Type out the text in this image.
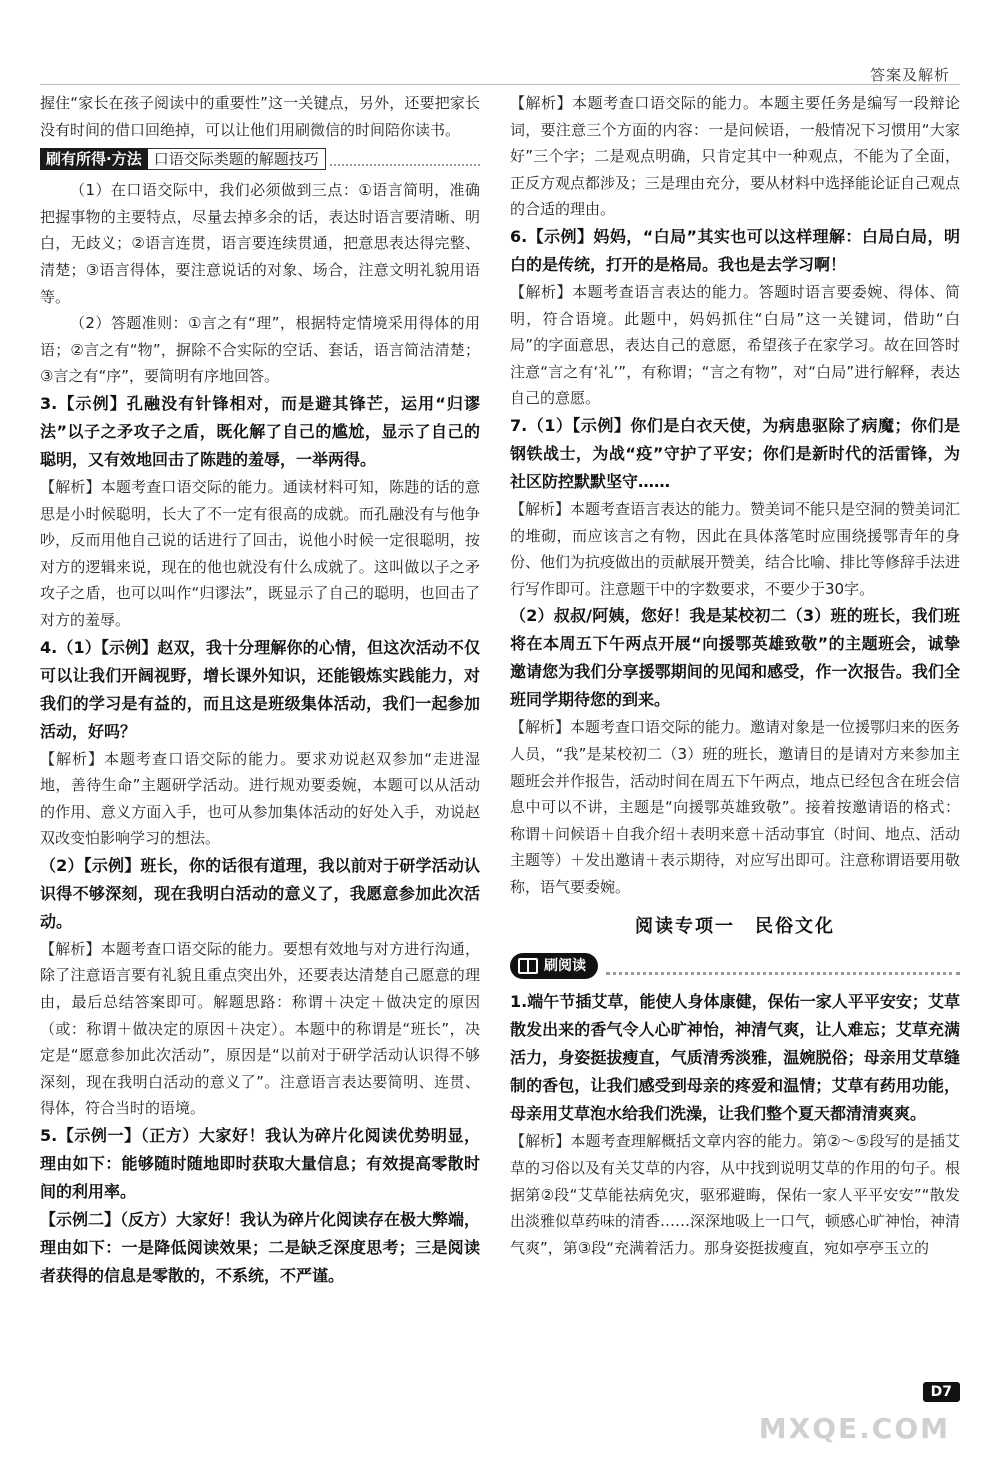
答案及解析

握住“家长在孩子阅读中的重要性”这一关键点，另外，还要把家长没有时间的借口回绝掉，可以让他们用刷微信的时间陪你读书。

刷有所得·方法 口语交际类题的解题技巧

（1）在口语交际中，我们必须做到三点：①语言简明，准确把握事物的主要特点，尽量去掉多余的话，表达时语言要清晰、明白，无歧义；②语言连贯，语言要连续贯通，把意思表达得完整、清楚；③语言得体，要注意说话的对象、场合，注意文明礼貌用语等。

（2）答题准则：①言之有“理”，根据特定情境采用得体的用语；②言之有“物”，摒除不合实际的空话、套话，语言简洁清楚；③言之有“序”，要简明有序地回答。

3.【示例】孔融没有针锋相对，而是避其锋芒，运用“归谬法”以子之矛攻子之盾，既化解了自己的尴尬，显示了自己的聪明，又有效地回击了陈韪的羞辱，一举两得。

【解析】本题考查口语交际的能力。通读材料可知，陈韪的话的意思是小时候聪明，长大了不一定有很高的成就。而孔融没有与他争吵，反而用他自己说的话进行了回击，说他小时候一定很聪明，按对方的逻辑来说，现在的他也就没有什么成就了。这叫做以子之矛攻子之盾，也可以叫作“归谬法”，既显示了自己的聪明，也回击了对方的羞辱。

4.（1）【示例】赵双，我十分理解你的心情，但这次活动不仅可以让我们开阔视野，增长课外知识，还能锻炼实践能力，对我们的学习是有益的，而且这是班级集体活动，我们一起参加活动，好吗？

【解析】本题考查口语交际的能力。要求劝说赵双参加“走进湿地，善待生命”主题研学活动。进行规劝要委婉，本题可以从活动的作用、意义方面入手，也可从参加集体活动的好处入手，劝说赵双改变怕影响学习的想法。

（2）【示例】班长，你的话很有道理，我以前对于研学活动认识得不够深刻，现在我明白活动的意义了，我愿意参加此次活动。

【解析】本题考查口语交际的能力。要想有效地与对方进行沟通，除了注意语言要有礼貌且重点突出外，还要表达清楚自己愿意的理由，最后总结答案即可。解题思路：称谓＋决定＋做决定的原因（或：称谓＋做决定的原因＋决定）。本题中的称谓是“班长”，决定是“愿意参加此次活动”，原因是“以前对于研学活动认识得不够深刻，现在我明白活动的意义了”。注意语言表达要简明、连贯、得体，符合当时的语境。

5.【示例一】（正方）大家好！我认为碎片化阅读优势明显，理由如下：能够随时随地即时获取大量信息；有效提高零散时间的利用率。

【示例二】（反方）大家好！我认为碎片化阅读存在极大弊端，理由如下：一是降低阅读效果；二是缺乏深度思考；三是阅读者获得的信息是零散的，不系统，不严谨。

【解析】本题考查口语交际的能力。本题主要任务是编写一段辩论词，要注意三个方面的内容：一是问候语，一般情况下习惯用“大家好”三个字；二是观点明确，只肯定其中一种观点，不能为了全面，正反方观点都涉及；三是理由充分，要从材料中选择能论证自己观点的合适的理由。

6.【示例】妈妈，“白局”其实也可以这样理解：白局白局，明白的是传统，打开的是格局。我也是去学习啊！

【解析】本题考查语言表达的能力。答题时语言要委婉、得体、简明，符合语境。此题中，妈妈抓住“白局”这一关键词，借助“白局”的字面意思，表达自己的意愿，希望孩子在家学习。故在回答时注意“言之有‘礼’”，有称谓；“言之有物”，对“白局”进行解释，表达自己的意愿。

7.（1）【示例】你们是白衣天使，为病患驱除了病魔；你们是钢铁战士，为战“疫”守护了平安；你们是新时代的活雷锋，为社区防控默默坚守……

【解析】本题考查语言表达的能力。赞美词不能只是空洞的赞美词汇的堆砌，而应该言之有物，因此在具体落笔时应围绕援鄂青年的身份、他们为抗疫做出的贡献展开赞美，结合比喻、排比等修辞手法进行写作即可。注意题干中的字数要求，不要少于30字。

（2）叔叔/阿姨，您好！我是某校初二（3）班的班长，我们班将在本周五下午两点开展“向援鄂英雄致敬”的主题班会，诚挚邀请您为我们分享援鄂期间的见闻和感受，作一次报告。我们全班同学期待您的到来。

【解析】本题考查口语交际的能力。邀请对象是一位援鄂归来的医务人员，“我”是某校初二（3）班的班长，邀请目的是请对方来参加主题班会并作报告，活动时间在周五下午两点，地点已经包含在班会信息中可以不讲，主题是“向援鄂英雄致敬”。接着按邀请语的格式：称谓＋问候语＋自我介绍＋表明来意＋活动事宜（时间、地点、活动主题等）＋发出邀请＋表示期待，对应写出即可。注意称谓语要用敬称，语气要委婉。

阅读专项一　民俗文化
刷阅读

1.端午节插艾草，能使人身体康健，保佑一家人平平安安；艾草散发出来的香气令人心旷神怡，神清气爽，让人难忘；艾草充满活力，身姿挺拔瘦直，气质清秀淡雅，温婉脱俗；母亲用艾草缝制的香包，让我们感受到母亲的疼爱和温情；艾草有药用功能，母亲用艾草泡水给我们洗澡，让我们整个夏天都清清爽爽。

【解析】本题考查理解概括文章内容的能力。第②～⑤段写的是插艾草的习俗以及有关艾草的内容，从中找到说明艾草的作用的句子。根据第②段“艾草能祛病免灾，驱邪避晦，保佑一家人平平安安”“散发出淡雅似草药味的清香……深深地吸上一口气，顿感心旷神怡，神清气爽”，第③段“充满着活力。那身姿挺拔瘦直，宛如亭亭玉立的

D7
MXQE.COM
